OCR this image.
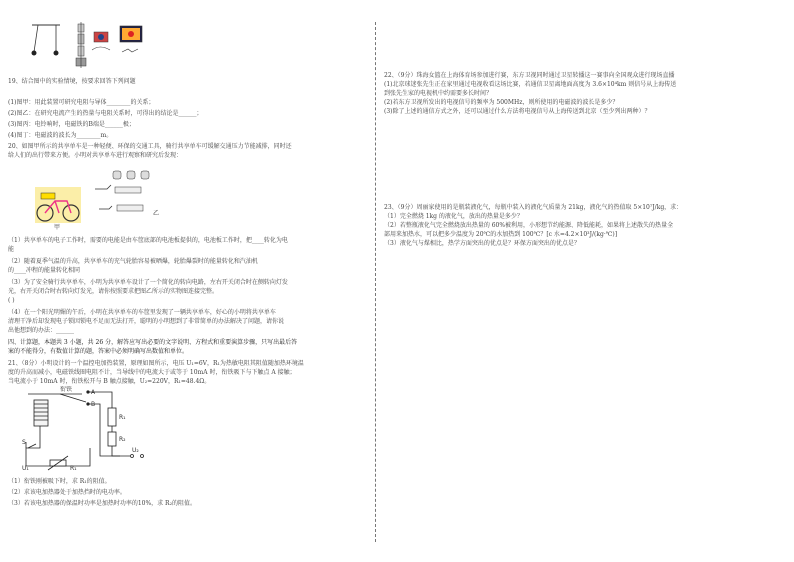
19、结合图中的实验情境，按要求回答下列问题
(1)图甲：用此装置可研究电阻与导体________的关系；
(2)图乙：在研究电流产生的热量与电阻关系时，可得出的结论是______；
(3)图丙：电铃响时，电磁铁的B端是______极；
(4)图丁：电磁波的波长为________m。
20、如图甲所示的共享单车是一种轻便、环保的交通工具，骑行共享单车可缓解交通压力节能减排，同时还
给人们的出行带来方便。小明对共享单车进行观察和研究后发现：
甲
乙
（1）共享单车的电子工作时，需要的电能是由车筐底部的电池板提供的，电池板工作时，把____转化为电
能
（2）随着夏季气温的升高，共享单车的充气轮胎容易被晒爆，轮胎爆裂时的能量转化和汽油机
的____冲程的能量转化相同
（3）为了安全骑行共享单车，小明为共享单车设计了一个简化的转向电路，左右开关闭合时在侧转向灯发
光，右开关闭合时右转向灯发光，请你按照要求把图乙所示的实物图连接完整。
( )
（4）在一个阳光明媚的午后，小明在共享单车的车筐里发现了一辆共享单车，好心的小明将共享单车
清理干净后却发现电子锁因锁电不足而无法打开，聪明的小明想到了非常简单的办法解决了问题，请你说
出他想到的办法：______
四、计算题，本题共 3 小题，共 26 分，解答应写出必要的文字说明、方程式和重要演算步骤，只写出最后答
案的不能得分，有数值计算的题，答案中必须明确写出数值和单位。
21、（8分）小明设计的一个温控电加热装置，原理如图所示，电压 U₁=6V，R₁为热敏电阻其阻值随加热环境温
度的升高而减小，电磁铁线圈电阻不计，当导线中的电流大于或等于 10mA 时，衔铁吸下与下触点 A 接触；
当电流小于 10mA 时，衔铁松开与 B 触点接触，U₂=220V，R₁=48.4Ω。
衔铁	A
B
R₁
R₂
S
U₁
U₂
R₁
（1）衔铁刚被吸下时，求 R₁的阻值。
（2）求该电加热器处于加热挡时的电功率。
（3）若该电加热器的保温时功率是加热时功率的10%，求 R₂的阻值。
22、（9分）珠海女篮在上海体育场参加进行赛，东方卫视同时通过卫星转播这一赛事向全国观众进行现场直播
(1)北京球迷张先生正在家里通过电视收看这场比赛，若通信卫星离地面高度为 3.6×10⁴km 则信号从上海传送
到张先生家的电视机中约需要多长时间？
(2)若东方卫视所发出的电视信号的频率为 500MHz，则所使用的电磁波的波长是多少？
(3)除了上述的通信方式之外，还可以通过什么方法将电视信号从上海传送到北京（至少列出两种）？
23、（9分）周丽家使用的是瓶装液化气，每瓶中装入的液化气质量为 21kg，液化气的热值取 5×10⁷J/kg，求：
（1）完全燃烧 1kg 的液化气，放出的热量是多少？
（2）若整瓶液化气完全燃烧放出热量的 60%被利用，小形想节约能源、降低能耗，如果将上述散失的热量全
部用来加热水，可以把多少温度为 20℃的水加热到 100℃？[c 水=4.2×10³J/(kg·℃)]
（3）液化气与煤相比，热学方面突出的优点是？环保方面突出的优点是？
